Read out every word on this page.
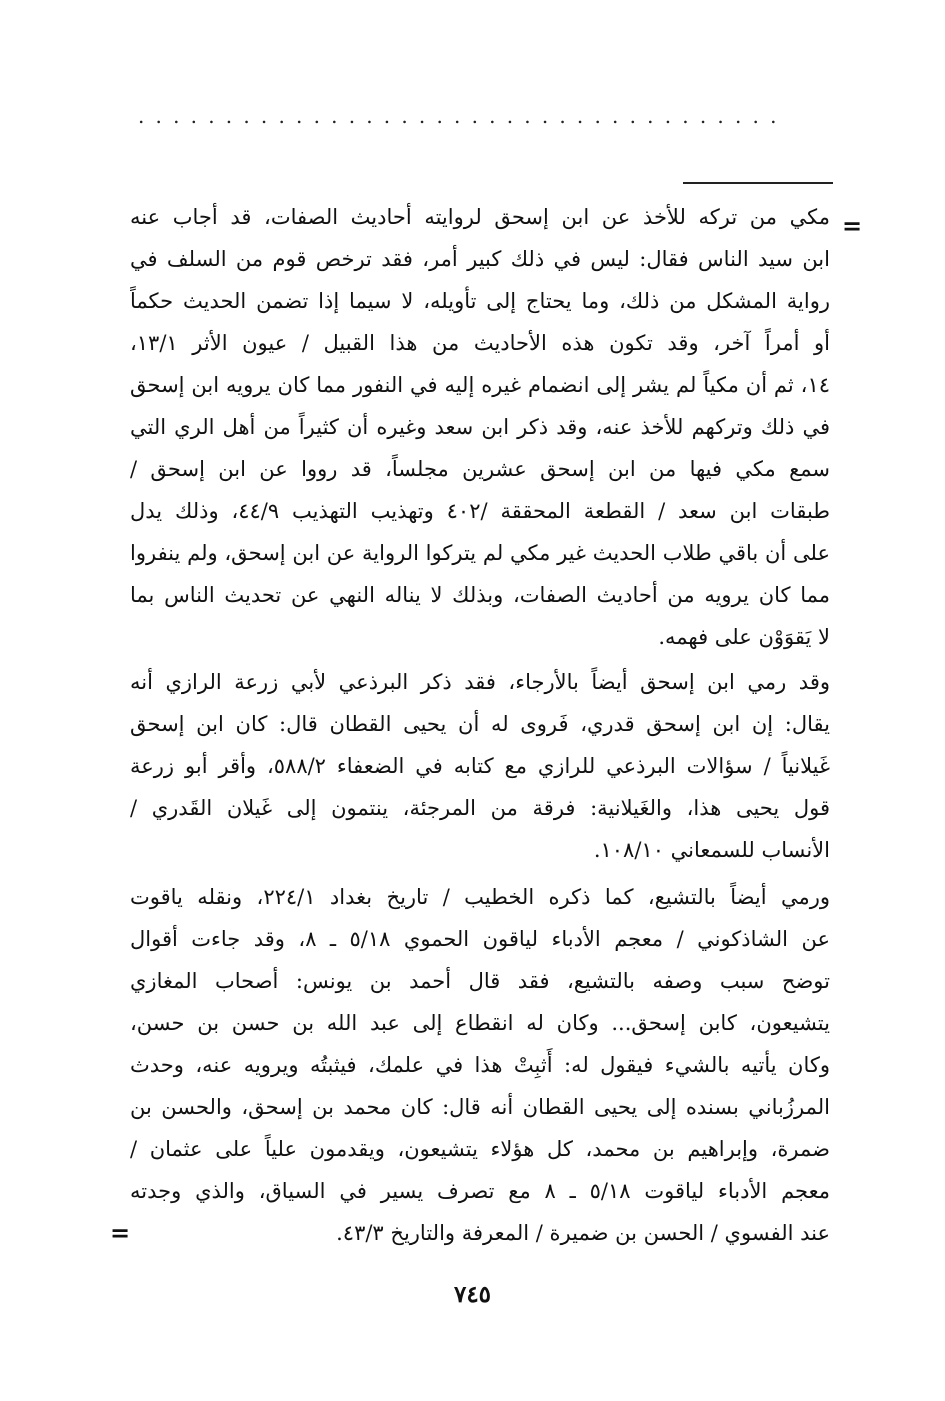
.....................................
=
مكي من تركه للأخذ عن ابن إسحق لروايته أحاديث الصفات، قد أجاب عنه
ابن سيد الناس فقال: ليس في ذلك كبير أمر، فقد ترخص قوم من السلف في
رواية المشكل من ذلك، وما يحتاج إلى تأويله، لا سيما إذا تضمن الحديث حكماً
أو أمراً آخر، وقد تكون هذه الأحاديث من هذا القبيل / عيون الأثر ١٣/١،
١٤، ثم أن مكياً لم يشر إلى انضمام غيره إليه في النفور مما كان يرويه ابن إسحق
في ذلك وتركهم للأخذ عنه، وقد ذكر ابن سعد وغيره أن كثيراً من أهل الري التي
سمع مكي فيها من ابن إسحق عشرين مجلساً، قد رووا عن ابن إسحق /
طبقات ابن سعد / القطعة المحققة /٤٠٢ وتهذيب التهذيب ٤٤/٩، وذلك يدل
على أن باقي طلاب الحديث غير مكي لم يتركوا الرواية عن ابن إسحق، ولم ينفروا
مما كان يرويه من أحاديث الصفات، وبذلك لا يناله النهي عن تحديث الناس بما
لا يَقوَوْن على فهمه.
وقد رمي ابن إسحق أيضاً بالأرجاء، فقد ذكر البرذعي لأبي زرعة الرازي أنه
يقال: إن ابن إسحق قدري، فَروى له أن يحيى القطان قال: كان ابن إسحق
غَيلانياً / سؤالات البرذعي للرازي مع كتابه في الضعفاء ٥٨٨/٢، وأقر أبو زرعة
قول يحيى هذا، والغَيلانية: فرقة من المرجئة، ينتمون إلى غَيلان القَدري /
الأنساب للسمعاني ١٠٨/١٠.
ورمي أيضاً بالتشيع، كما ذكره الخطيب / تاريخ بغداد ٢٢٤/١، ونقله ياقوت
عن الشاذكوني / معجم الأدباء لياقون الحموي ٥/١٨ ـ ٨، وقد جاءت أقوال
توضح سبب وصفه بالتشيع، فقد قال أحمد بن يونس: أصحاب المغازي
يتشيعون، كابن إسحق... وكان له انقطاع إلى عبد الله بن حسن بن حسن،
وكان يأتيه بالشيء فيقول له: أَثبِتْ هذا في علمك، فيثبتُه ويرويه عنه، وحدث
المرزُباني بسنده إلى يحيى القطان أنه قال: كان محمد بن إسحق، والحسن بن
ضمرة، وإبراهيم بن محمد، كل هؤلاء يتشيعون، ويقدمون علياً على عثمان /
معجم الأدباء لياقوت ٥/١٨ ـ ٨ مع تصرف يسير في السياق، والذي وجدته
عند الفسوي / الحسن بن ضميرة / المعرفة والتاريخ ٤٣/٣.
=
٧٤٥
